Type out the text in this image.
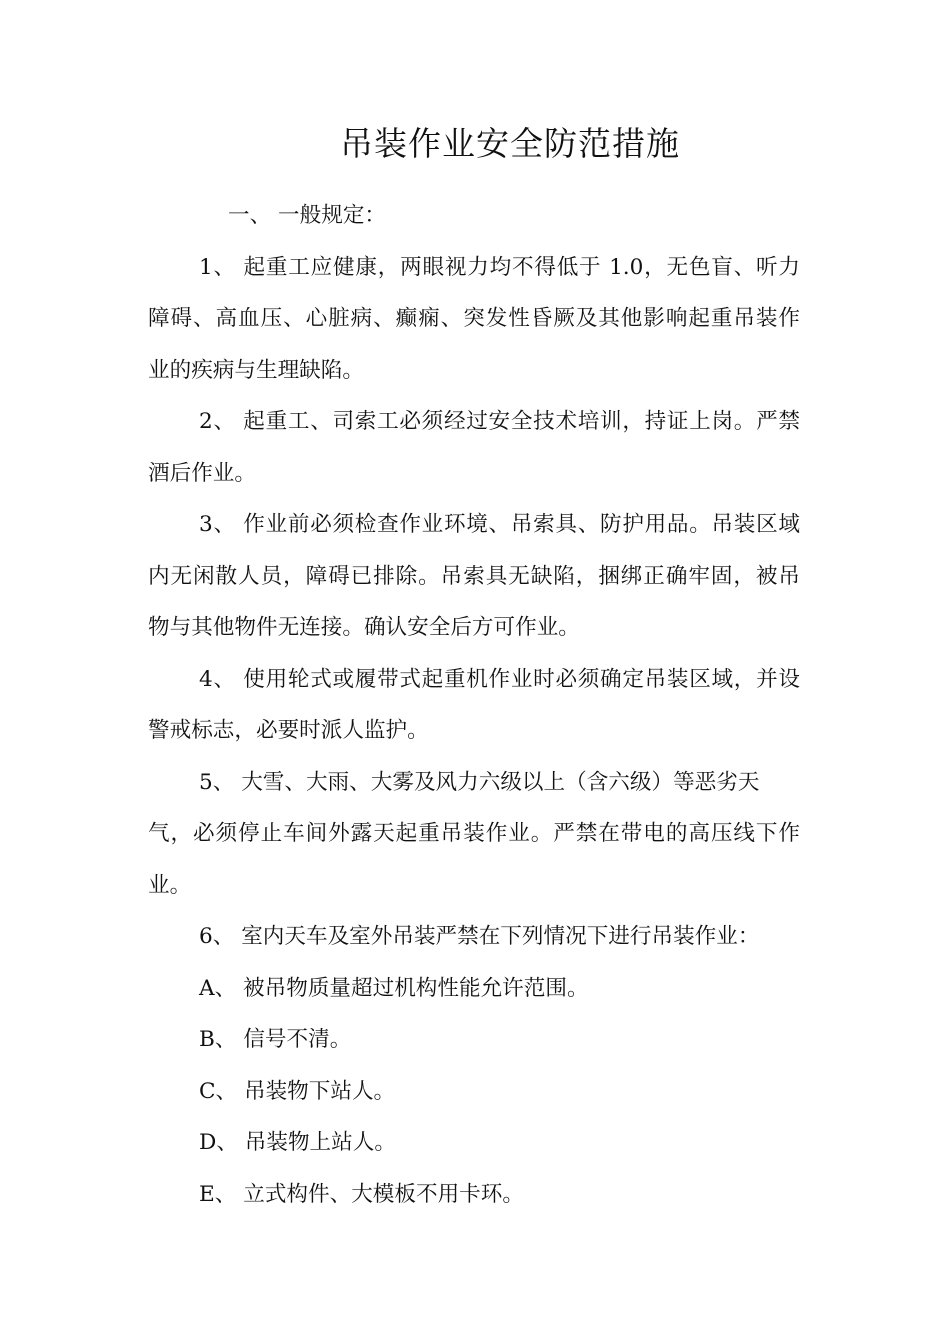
吊装作业安全防范措施
一、 一般规定：
1、 起重工应健康，两眼视力均不得低于 1.0，无色盲、听力
障碍、高血压、心脏病、癫痫、突发性昏厥及其他影响起重吊装作
业的疾病与生理缺陷。
2、 起重工、司索工必须经过安全技术培训，持证上岗。严禁
酒后作业。
3、 作业前必须检查作业环境、吊索具、防护用品。吊装区域
内无闲散人员，障碍已排除。吊索具无缺陷，捆绑正确牢固，被吊
物与其他物件无连接。确认安全后方可作业。
4、 使用轮式或履带式起重机作业时必须确定吊装区域，并设
警戒标志，必要时派人监护。
5、 大雪、大雨、大雾及风力六级以上（含六级）等恶劣天
气，必须停止车间外露天起重吊装作业。严禁在带电的高压线下作
业。
6、 室内天车及室外吊装严禁在下列情况下进行吊装作业：
A、 被吊物质量超过机构性能允许范围。
B、 信号不清。
C、 吊装物下站人。
D、 吊装物上站人。
E、 立式构件、大模板不用卡环。
